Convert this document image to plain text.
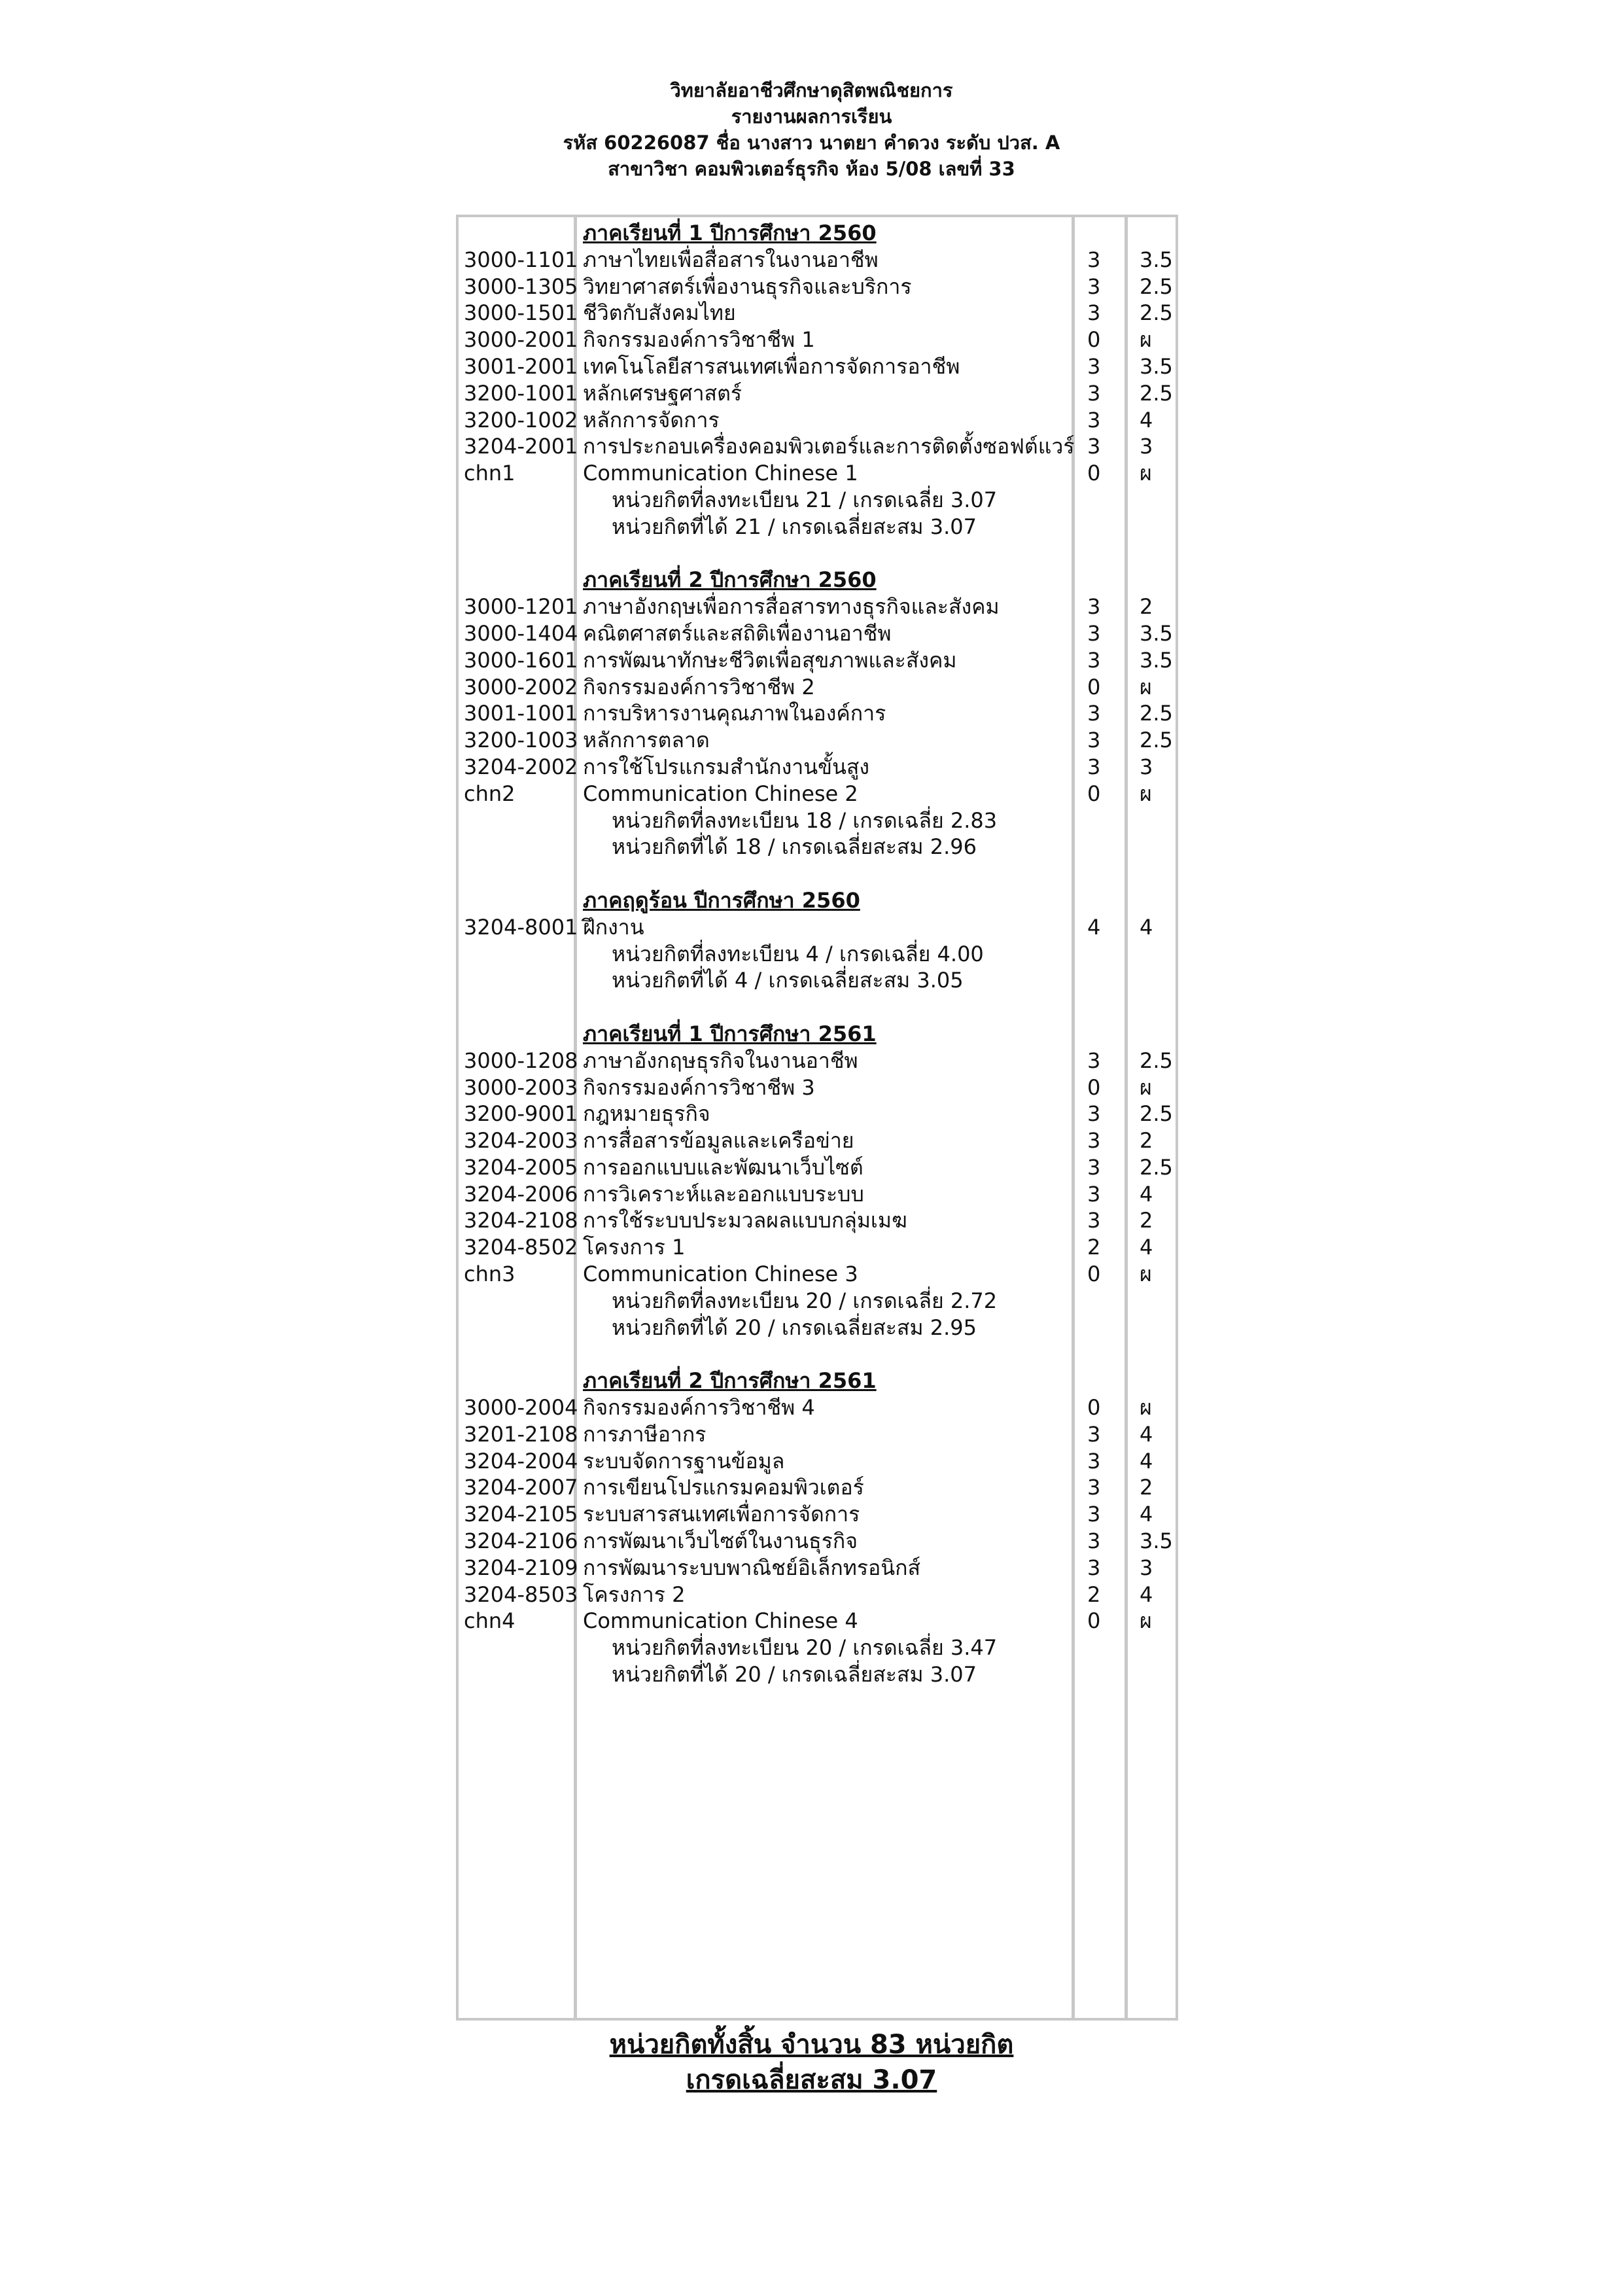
วิทยาลัยอาชีวศึกษาดุสิตพณิชยการ
รายงานผลการเรียน
รหัส 60226087 ชื่อ นางสาว นาตยา คำดวง ระดับ ปวส. A
สาขาวิชา คอมพิวเตอร์ธุรกิจ ห้อง 5/08 เลขที่ 33
ภาคเรียนที่ 1 ปีการศึกษา 2560
3000-1101 ภาษาไทยเพื่อสื่อสารในงานอาชีพ	3 3.5
3000-1305 วิทยาศาสตร์เพื่องานธุรกิจและบริการ	3 2.5
3000-1501 ชีวิตกับสังคมไทย	3 2.5
3000-2001 กิจกรรมองค์การวิชาชีพ 1	0 ผ
3001-2001 เทคโนโลยีสารสนเทศเพื่อการจัดการอาชีพ	3 3.5
3200-1001 หลักเศรษฐศาสตร์	3 2.5
3200-1002 หลักการจัดการ	3 4
3204-2001 การประกอบเครื่องคอมพิวเตอร์และการติดตั้งซอฟต์แวร์ 3 3
chn1	Communication Chinese 1	0 ผ
หน่วยกิตที่ลงทะเบียน 21 / เกรดเฉลี่ย 3.07
หน่วยกิตที่ได้ 21 / เกรดเฉลี่ยสะสม 3.07
ภาคเรียนที่ 2 ปีการศึกษา 2560
3000-1201 ภาษาอังกฤษเพื่อการสื่อสารทางธุรกิจและสังคม	3 2
3000-1404 คณิตศาสตร์และสถิติเพื่องานอาชีพ	3 3.5
3000-1601 การพัฒนาทักษะชีวิตเพื่อสุขภาพและสังคม	3 3.5
3000-2002 กิจกรรมองค์การวิชาชีพ 2	0 ผ
3001-1001 การบริหารงานคุณภาพในองค์การ	3 2.5
3200-1003 หลักการตลาด	3 2.5
3204-2002 การใช้โปรแกรมสำนักงานขั้นสูง	3 3
chn2	Communication Chinese 2	0 ผ
หน่วยกิตที่ลงทะเบียน 18 / เกรดเฉลี่ย 2.83
หน่วยกิตที่ได้ 18 / เกรดเฉลี่ยสะสม 2.96
ภาคฤดูร้อน ปีการศึกษา 2560
3204-8001 ฝึกงาน	4 4
หน่วยกิตที่ลงทะเบียน 4 / เกรดเฉลี่ย 4.00
หน่วยกิตที่ได้ 4 / เกรดเฉลี่ยสะสม 3.05
ภาคเรียนที่ 1 ปีการศึกษา 2561
3000-1208 ภาษาอังกฤษธุรกิจในงานอาชีพ	3 2.5
3000-2003 กิจกรรมองค์การวิชาชีพ 3	0 ผ
3200-9001 กฎหมายธุรกิจ	3 2.5
3204-2003 การสื่อสารข้อมูลและเครือข่าย	3 2
3204-2005 การออกแบบและพัฒนาเว็บไซต์	3 2.5
3204-2006 การวิเคราะห์และออกแบบระบบ	3 4
3204-2108 การใช้ระบบประมวลผลแบบกลุ่มเมฆ	3 2
3204-8502 โครงการ 1	2 4
chn3	Communication Chinese 3	0 ผ
หน่วยกิตที่ลงทะเบียน 20 / เกรดเฉลี่ย 2.72
หน่วยกิตที่ได้ 20 / เกรดเฉลี่ยสะสม 2.95
ภาคเรียนที่ 2 ปีการศึกษา 2561
3000-2004 กิจกรรมองค์การวิชาชีพ 4	0 ผ
3201-2108 การภาษีอากร	3 4
3204-2004 ระบบจัดการฐานข้อมูล	3 4
3204-2007 การเขียนโปรแกรมคอมพิวเตอร์	3 2
3204-2105 ระบบสารสนเทศเพื่อการจัดการ	3 4
3204-2106 การพัฒนาเว็บไซต์ในงานธุรกิจ	3 3.5
3204-2109 การพัฒนาระบบพาณิชย์อิเล็กทรอนิกส์	3 3
3204-8503 โครงการ 2	2 4
chn4	Communication Chinese 4	0 ผ
หน่วยกิตที่ลงทะเบียน 20 / เกรดเฉลี่ย 3.47
หน่วยกิตที่ได้ 20 / เกรดเฉลี่ยสะสม 3.07
หน่วยกิตทั้งสิ้น จำนวน 83 หน่วยกิต
เกรดเฉลี่ยสะสม 3.07
